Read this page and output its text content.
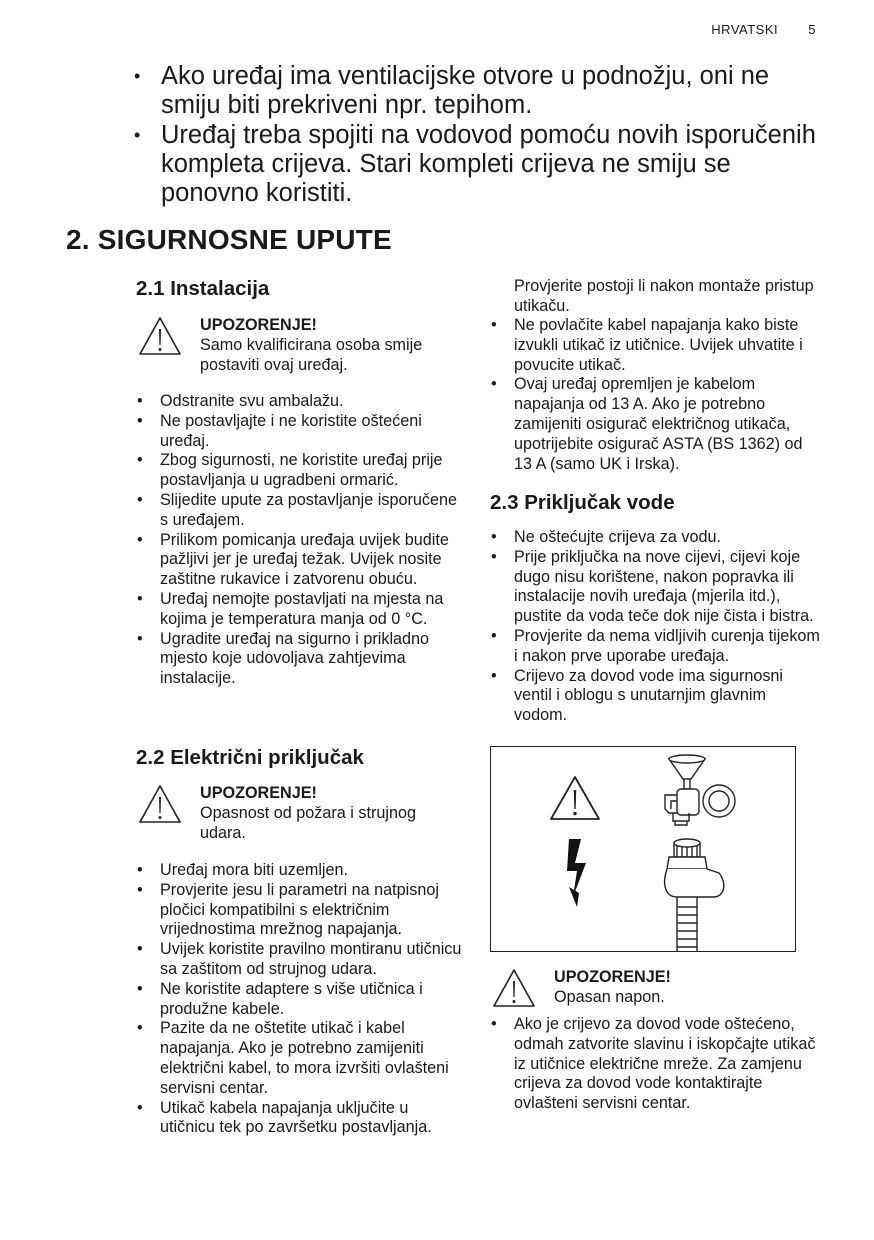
HRVATSKI 5
• Ako uređaj ima ventilacijske otvore u podnožju, oni ne smiju biti prekriveni npr. tepihom.
• Uređaj treba spojiti na vodovod pomoću novih isporučenih kompleta crijeva. Stari kompleti crijeva ne smiju se ponovno koristiti.
2. SIGURNOSNE UPUTE
2.1 Instalacija
UPOZORENJE!
Samo kvalificirana osoba smije postaviti ovaj uređaj.
• Odstranite svu ambalažu.
• Ne postavljajte i ne koristite oštećeni uređaj.
• Zbog sigurnosti, ne koristite uređaj prije postavljanja u ugradbeni ormarić.
• Slijedite upute za postavljanje isporučene s uređajem.
• Prilikom pomicanja uređaja uvijek budite pažljivi jer je uređaj težak. Uvijek nosite zaštitne rukavice i zatvorenu obuću.
• Uređaj nemojte postavljati na mjesta na kojima je temperatura manja od 0 °C.
• Ugradite uređaj na sigurno i prikladno mjesto koje udovoljava zahtjevima instalacije.
2.2 Električni priključak
UPOZORENJE!
Opasnost od požara i strujnog udara.
• Uređaj mora biti uzemljen.
• Provjerite jesu li parametri na natpisnoj pločici kompatibilni s električnim vrijednostima mrežnog napajanja.
• Uvijek koristite pravilno montiranu utičnicu sa zaštitom od strujnog udara.
• Ne koristite adaptere s više utičnica i produžne kabele.
• Pazite da ne oštetite utikač i kabel napajanja. Ako je potrebno zamijeniti električni kabel, to mora izvršiti ovlašteni servisni centar.
• Utikač kabela napajanja uključite u utičnicu tek po završetku postavljanja.
Provjerite postoji li nakon montaže pristup utikaču.
• Ne povlačite kabel napajanja kako biste izvukli utikač iz utičnice. Uvijek uhvatite i povucite utikač.
• Ovaj uređaj opremljen je kabelom napajanja od 13 A. Ako je potrebno zamijeniti osigurač električnog utikača, upotrijebite osigurač ASTA (BS 1362) od 13 A (samo UK i Irska).
2.3 Priključak vode
• Ne oštećujte crijeva za vodu.
• Prije priključka na nove cijevi, cijevi koje dugo nisu korištene, nakon popravka ili instalacije novih uređaja (mjerila itd.), pustite da voda teče dok nije čista i bistra.
• Provjerite da nema vidljivih curenja tijekom i nakon prve uporabe uređaja.
• Crijevo za dovod vode ima sigurnosni ventil i oblogu s unutarnjim glavnim vodom.
UPOZORENJE!
Opasan napon.
• Ako je crijevo za dovod vode oštećeno, odmah zatvorite slavinu i iskopčajte utikač iz utičnice električne mreže. Za zamjenu crijeva za dovod vode kontaktirajte ovlašteni servisni centar.
